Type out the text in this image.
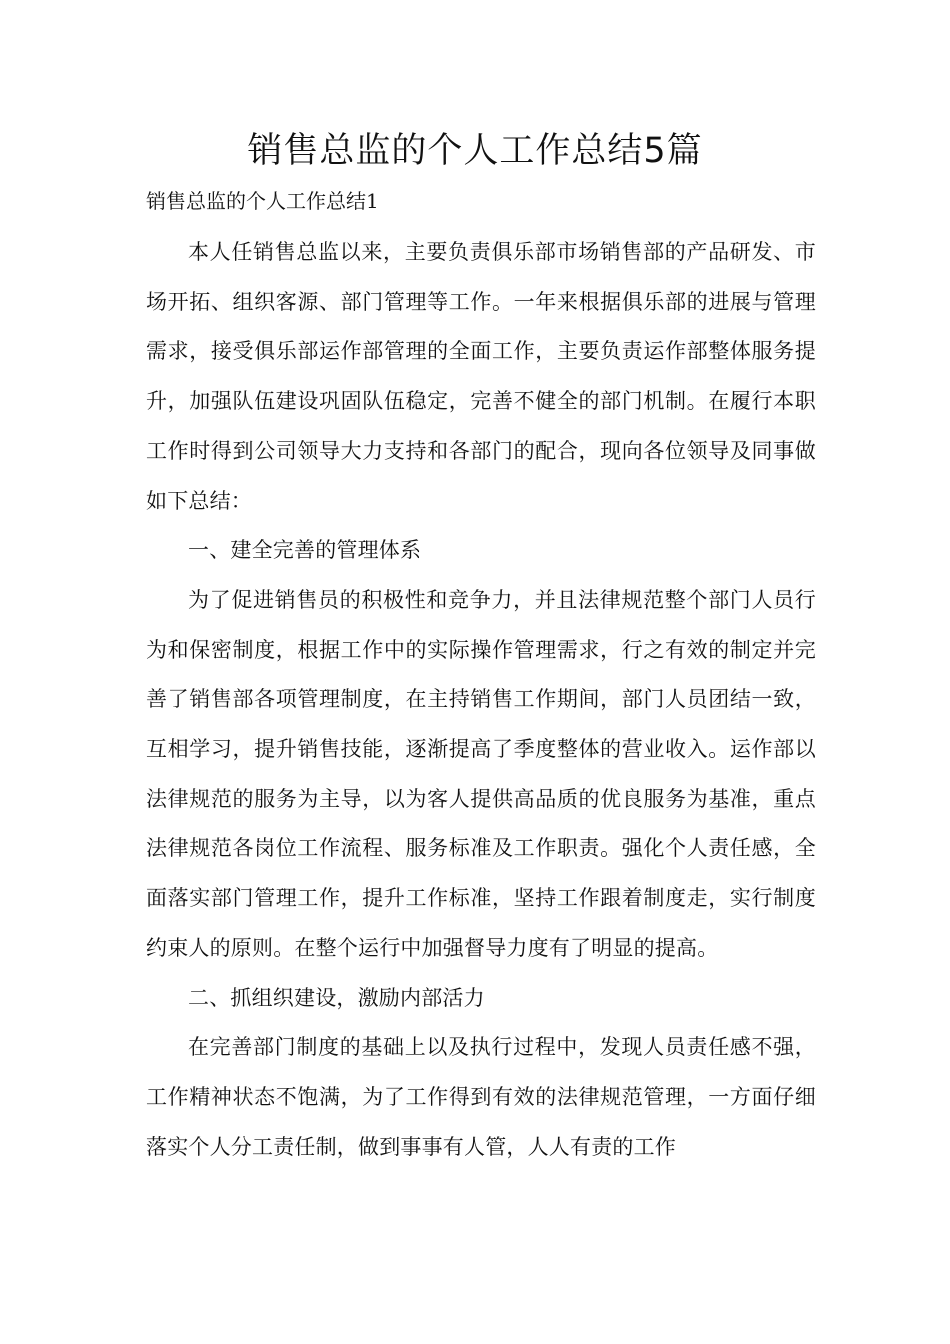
销售总监的个人工作总结5篇
销售总监的个人工作总结1

本人任销售总监以来，主要负责俱乐部市场销售部的产品研发、市场开拓、组织客源、部门管理等工作。一年来根据俱乐部的进展与管理需求，接受俱乐部运作部管理的全面工作，主要负责运作部整体服务提升，加强队伍建设巩固队伍稳定，完善不健全的部门机制。在履行本职工作时得到公司领导大力支持和各部门的配合，现向各位领导及同事做如下总结：

一、建全完善的管理体系

为了促进销售员的积极性和竞争力，并且法律规范整个部门人员行为和保密制度，根据工作中的实际操作管理需求，行之有效的制定并完善了销售部各项管理制度，在主持销售工作期间，部门人员团结一致，互相学习，提升销售技能，逐渐提高了季度整体的营业收入。运作部以法律规范的服务为主导，以为客人提供高品质的优良服务为基准，重点法律规范各岗位工作流程、服务标准及工作职责。强化个人责任感，全面落实部门管理工作，提升工作标准，坚持工作跟着制度走，实行制度约束人的原则。在整个运行中加强督导力度有了明显的提高。

二、抓组织建设，激励内部活力

在完善部门制度的基础上以及执行过程中，发现人员责任感不强，工作精神状态不饱满，为了工作得到有效的法律规范管理，一方面仔细落实个人分工责任制，做到事事有人管，人人有责的工作
